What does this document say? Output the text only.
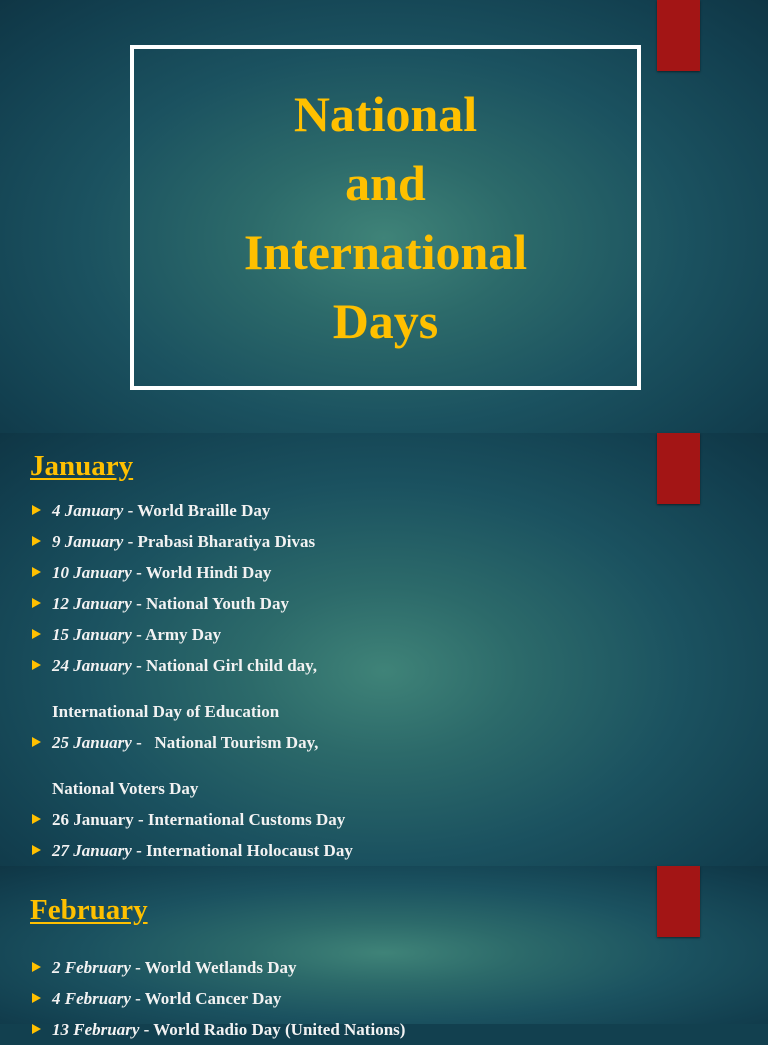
National
and
International
Days
January
4 January - World Braille Day
9 January - Prabasi Bharatiya Divas
10 January - World Hindi Day
12 January - National Youth Day
15 January - Army Day
24 January - National Girl child day,
International Day of Education
25 January -   National Tourism Day,
National Voters Day
26 January - International Customs Day
27 January - International Holocaust Day
February
2 February - World Wetlands Day
4 February - World Cancer Day
13 February - World Radio Day (United Nations)
